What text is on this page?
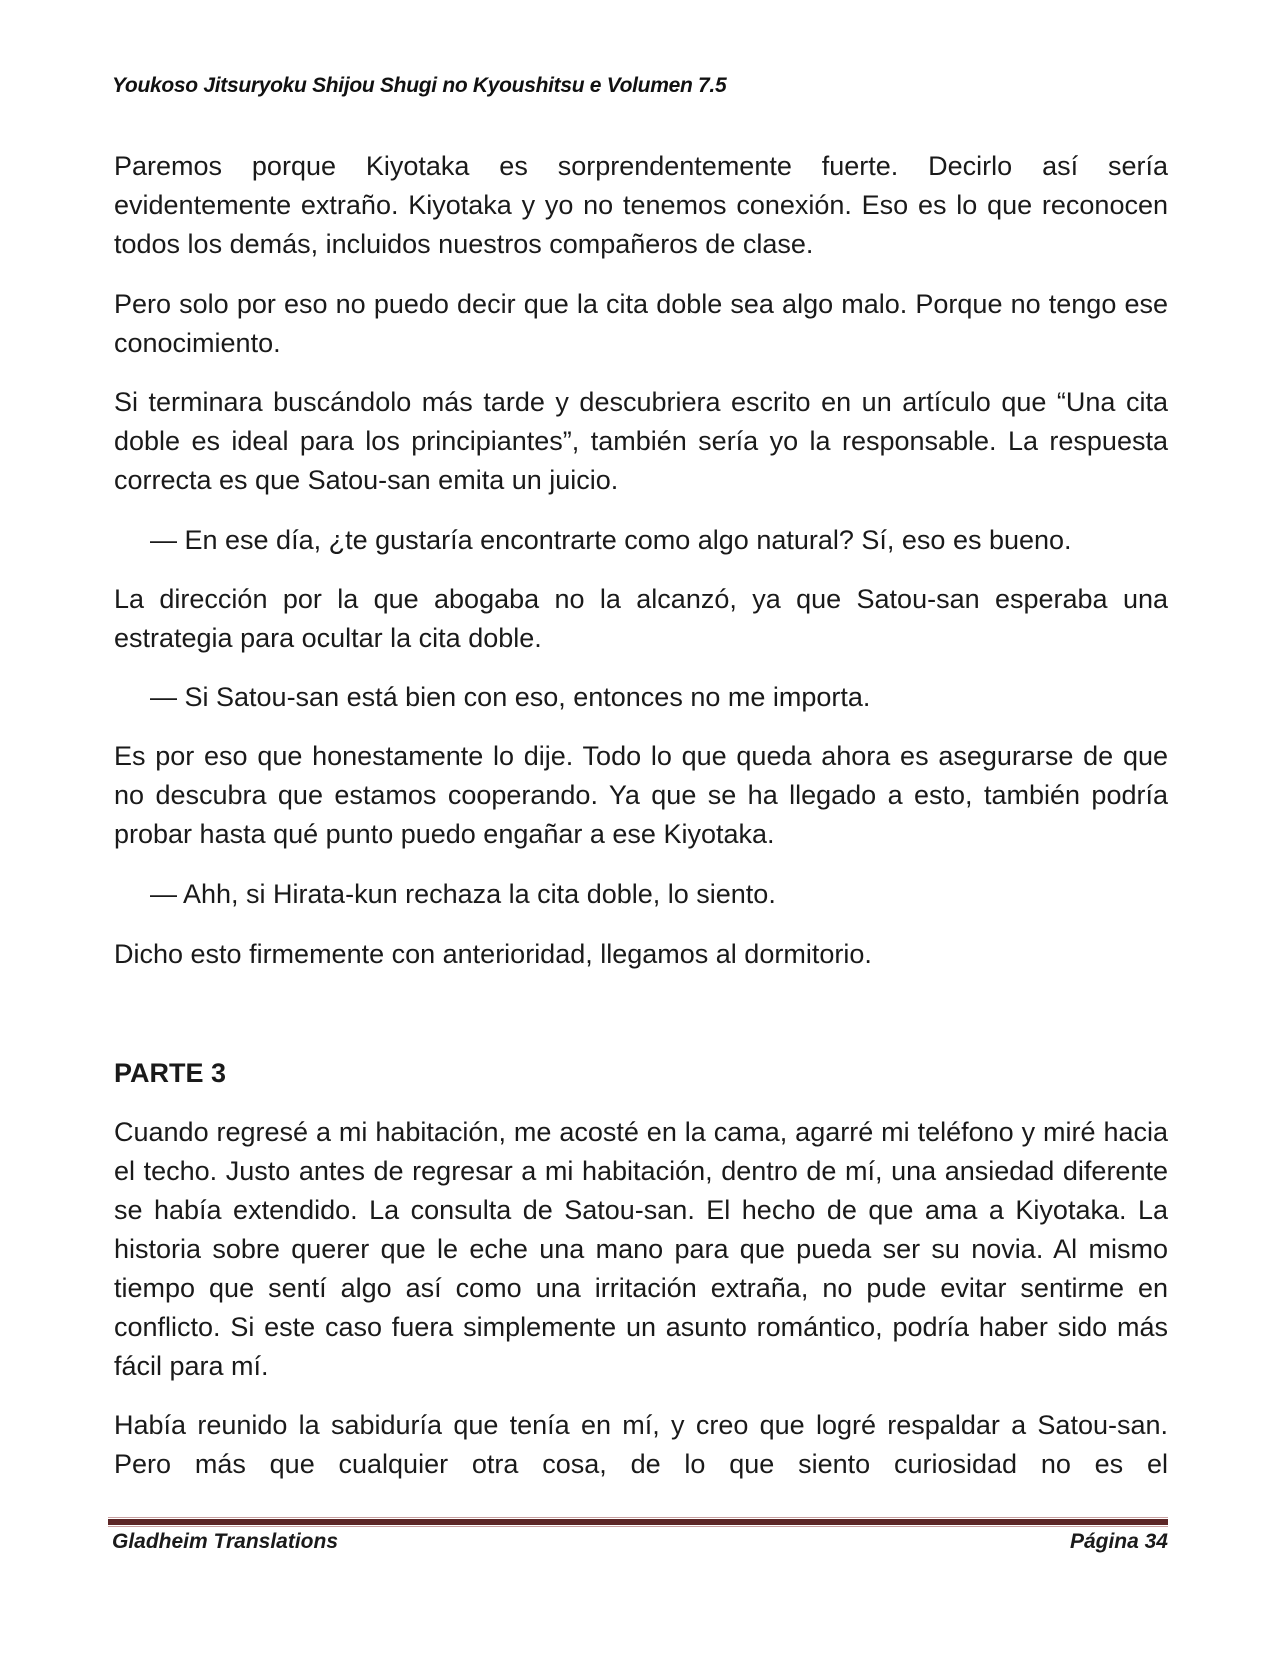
Youkoso Jitsuryoku Shijou Shugi no Kyoushitsu e Volumen 7.5

Paremos porque Kiyotaka es sorprendentemente fuerte. Decirlo así sería evidentemente extraño. Kiyotaka y yo no tenemos conexión. Eso es lo que reconocen todos los demás, incluidos nuestros compañeros de clase.

Pero solo por eso no puedo decir que la cita doble sea algo malo. Porque no tengo ese conocimiento.

Si terminara buscándolo más tarde y descubriera escrito en un artículo que “Una cita doble es ideal para los principiantes”, también sería yo la responsable. La respuesta correcta es que Satou-san emita un juicio.

— En ese día, ¿te gustaría encontrarte como algo natural? Sí, eso es bueno.

La dirección por la que abogaba no la alcanzó, ya que Satou-san esperaba una estrategia para ocultar la cita doble.

— Si Satou-san está bien con eso, entonces no me importa.

Es por eso que honestamente lo dije. Todo lo que queda ahora es asegurarse de que no descubra que estamos cooperando. Ya que se ha llegado a esto, también podría probar hasta qué punto puedo engañar a ese Kiyotaka.

— Ahh, si Hirata-kun rechaza la cita doble, lo siento.

Dicho esto firmemente con anterioridad, llegamos al dormitorio.

PARTE 3

Cuando regresé a mi habitación, me acosté en la cama, agarré mi teléfono y miré hacia el techo. Justo antes de regresar a mi habitación, dentro de mí, una ansiedad diferente se había extendido. La consulta de Satou-san. El hecho de que ama a Kiyotaka. La historia sobre querer que le eche una mano para que pueda ser su novia. Al mismo tiempo que sentí algo así como una irritación extraña, no pude evitar sentirme en conflicto. Si este caso fuera simplemente un asunto romántico, podría haber sido más fácil para mí.

Había reunido la sabiduría que tenía en mí, y creo que logré respaldar a Satou-san. Pero más que cualquier otra cosa, de lo que siento curiosidad no es el

Gladheim Translations	Página 34
